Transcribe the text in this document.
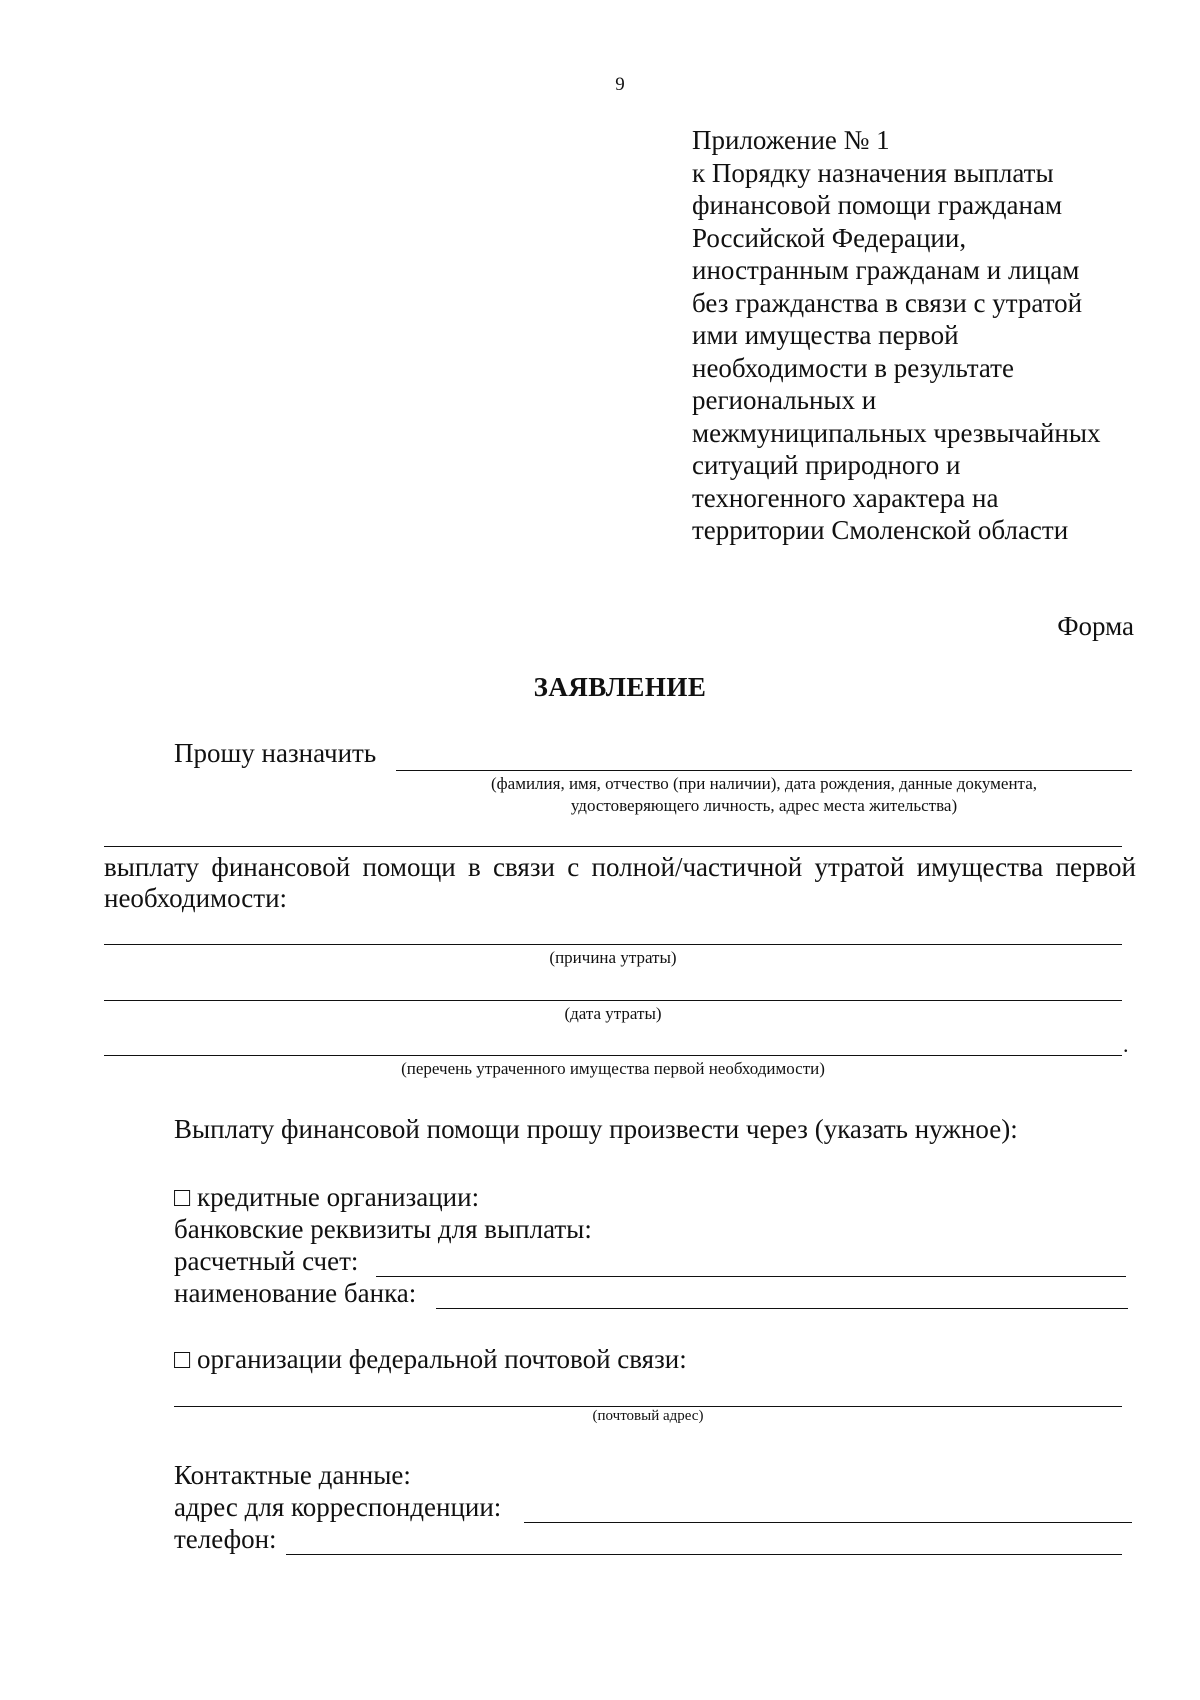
9
Приложение № 1
к Порядку назначения выплаты
финансовой помощи гражданам
Российской Федерации,
иностранным гражданам и лицам
без гражданства в связи с утратой
ими имущества первой
необходимости в результате
региональных и
межмуниципальных чрезвычайных
ситуаций природного и
техногенного характера на
территории Смоленской области
Форма
ЗАЯВЛЕНИЕ
Прошу назначить
(фамилия, имя, отчество (при наличии), дата рождения, данные документа,
удостоверяющего личность, адрес места жительства)
выплату финансовой помощи в связи с полной/частичной утратой имущества первой необходимости:
(причина утраты)
(дата утраты)
.
(перечень утраченного имущества первой необходимости)
Выплату финансовой помощи прошу произвести через (указать нужное):
□ кредитные организации:
банковские реквизиты для выплаты:
расчетный счет:
наименование банка:
□ организации федеральной почтовой связи:
(почтовый адрес)
Контактные данные:
адрес для корреспонденции:
телефон:
